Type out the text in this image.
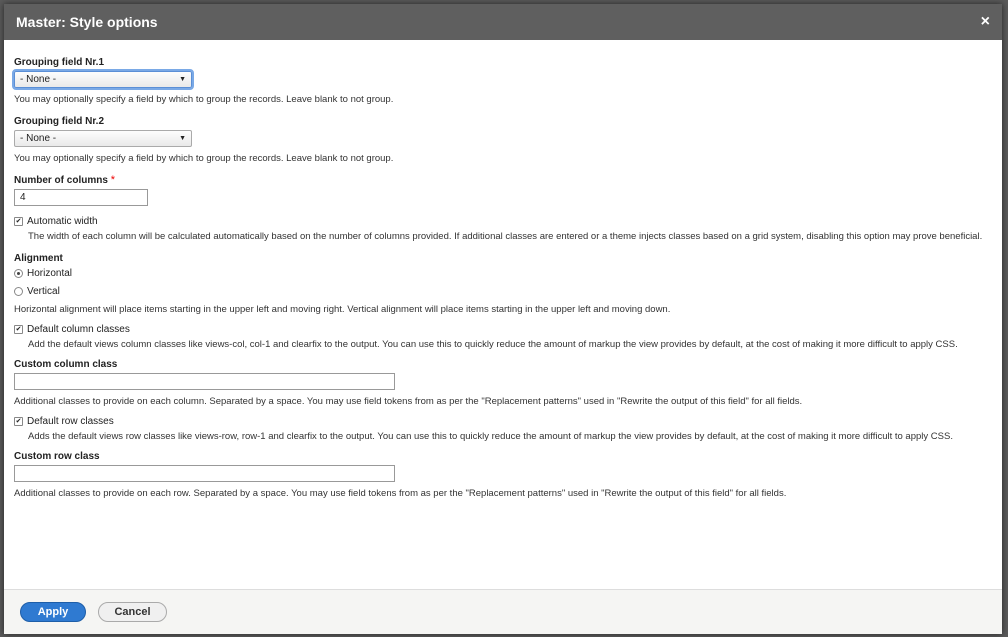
Master: Style options	×
Grouping field Nr.1
- None -	▼
You may optionally specify a field by which to group the records. Leave blank to not group.
Grouping field Nr.2
- None -	▼
You may optionally specify a field by which to group the records. Leave blank to not group.
Number of columns *
4
✔ Automatic width
The width of each column will be calculated automatically based on the number of columns provided. If additional classes are entered or a theme injects classes based on a grid system, disabling this option may prove beneficial.
Alignment
Horizontal
Vertical
Horizontal alignment will place items starting in the upper left and moving right. Vertical alignment will place items starting in the upper left and moving down.
✔ Default column classes
Add the default views column classes like views-col, col-1 and clearfix to the output. You can use this to quickly reduce the amount of markup the view provides by default, at the cost of making it more difficult to apply CSS.
Custom column class
Additional classes to provide on each column. Separated by a space. You may use field tokens from as per the "Replacement patterns" used in "Rewrite the output of this field" for all fields.
✔ Default row classes
Adds the default views row classes like views-row, row-1 and clearfix to the output. You can use this to quickly reduce the amount of markup the view provides by default, at the cost of making it more difficult to apply CSS.
Custom row class
Additional classes to provide on each row. Separated by a space. You may use field tokens from as per the "Replacement patterns" used in "Rewrite the output of this field" for all fields.
Apply	Cancel
